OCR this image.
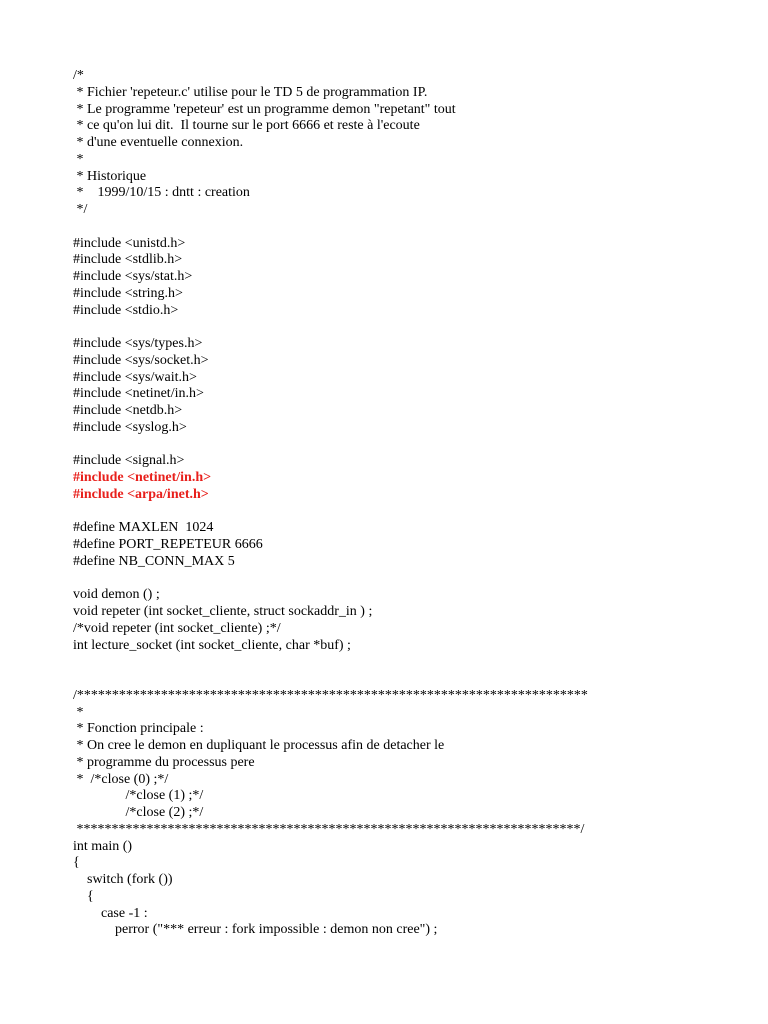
/*
* Fichier 'repeteur.c' utilise pour le TD 5 de programmation IP.
* Le programme 'repeteur' est un programme demon "repetant" tout
* ce qu'on lui dit.  Il tourne sur le port 6666 et reste à l'ecoute
* d'une eventuelle connexion.
*
* Historique
*    1999/10/15 : dntt : creation
*/
#include <unistd.h>
#include <stdlib.h>
#include <sys/stat.h>
#include <string.h>
#include <stdio.h>
#include <sys/types.h>
#include <sys/socket.h>
#include <sys/wait.h>
#include <netinet/in.h>
#include <netdb.h>
#include <syslog.h>
#include <signal.h>
#include <netinet/in.h>
#include <arpa/inet.h>
#define MAXLEN  1024
#define PORT_REPETEUR 6666
#define NB_CONN_MAX 5
void demon () ;
void repeter (int socket_cliente, struct sockaddr_in ) ;
/*void repeter (int socket_cliente) ;*/
int lecture_socket (int socket_cliente, char *buf) ;
/*************************************************************************
*
* Fonction principale :
* On cree le demon en dupliquant le processus afin de detacher le
* programme du processus pere
*  /*close (0) ;*/
/*close (1) ;*/
/*close (2) ;*/
************************************************************************/
int main ()
{
switch (fork ())
{
case -1 :
perror ("*** erreur : fork impossible : demon non cree") ;
